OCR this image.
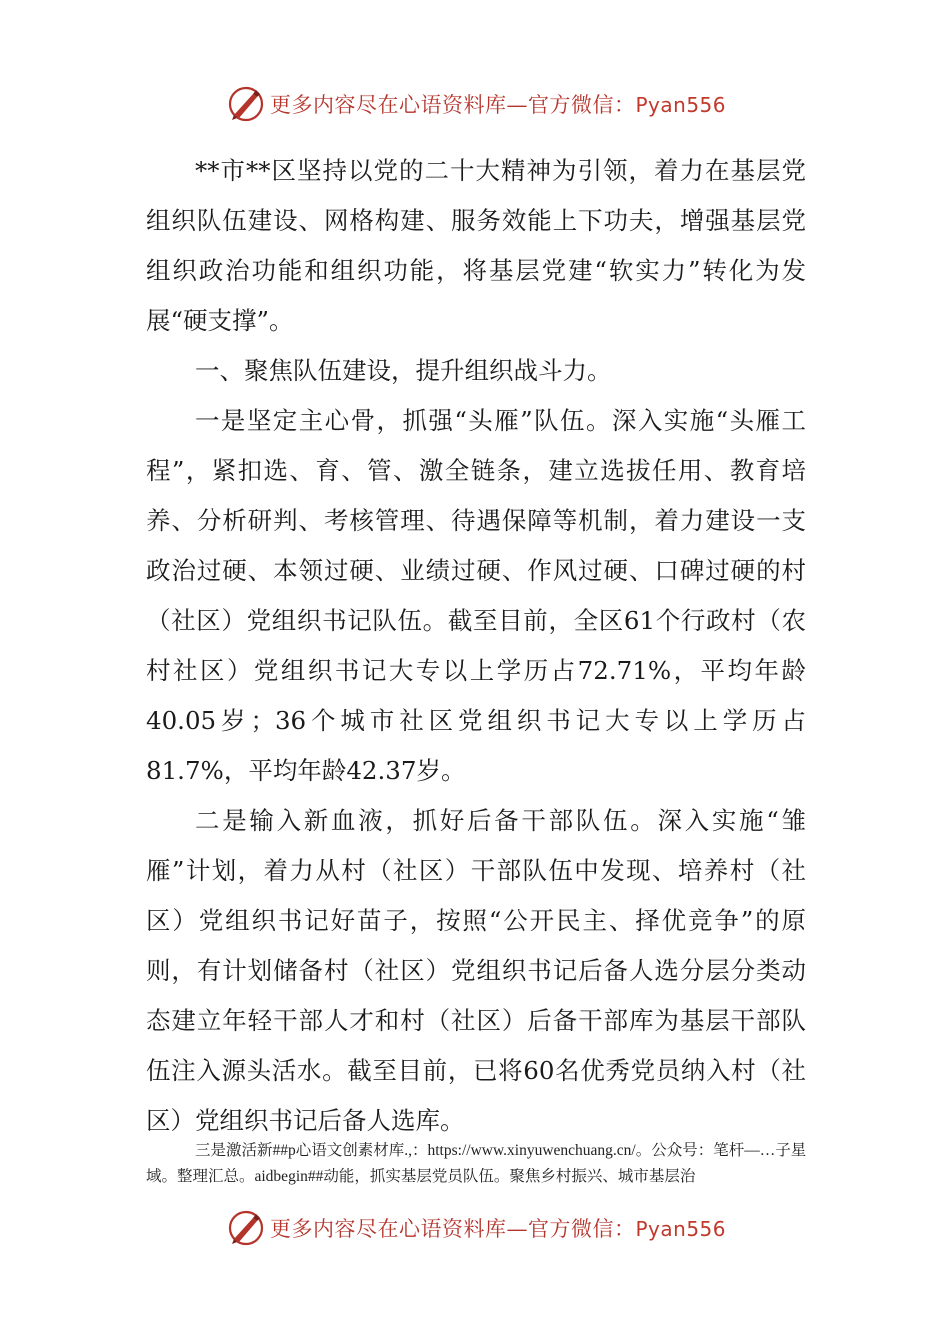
更多内容尽在心语资料库—官方微信：Pyan556

**市**区坚持以党的二十大精神为引领，着力在基层党组织队伍建设、网格构建、服务效能上下功夫，增强基层党组织政治功能和组织功能，将基层党建“软实力”转化为发展“硬支撑”。

一、聚焦队伍建设，提升组织战斗力。

一是坚定主心骨，抓强“头雁”队伍。深入实施“头雁工程”，紧扣选、育、管、激全链条，建立选拔任用、教育培养、分析研判、考核管理、待遇保障等机制，着力建设一支政治过硬、本领过硬、业绩过硬、作风过硬、口碑过硬的村（社区）党组织书记队伍。截至目前，全区61个行政村（农村社区）党组织书记大专以上学历占72.71%，平均年龄40.05岁；36个城市社区党组织书记大专以上学历占81.7%，平均年龄42.37岁。

二是输入新血液，抓好后备干部队伍。深入实施“雏雁”计划，着力从村（社区）干部队伍中发现、培养村（社区）党组织书记好苗子，按照“公开民主、择优竞争”的原则，有计划储备村（社区）党组织书记后备人选分层分类动态建立年轻干部人才和村（社区）后备干部库为基层干部队伍注入源头活水。截至目前，已将60名优秀党员纳入村（社区）党组织书记后备人选库。

三是激活新##p心语文创素材库.,：https://www.xinyuwenchuang.cn/。公众号：笔杆—…子星域。整理汇总。aidbegin##动能，抓实基层党员队伍。聚焦乡村振兴、城市基层治

更多内容尽在心语资料库—官方微信：Pyan556
